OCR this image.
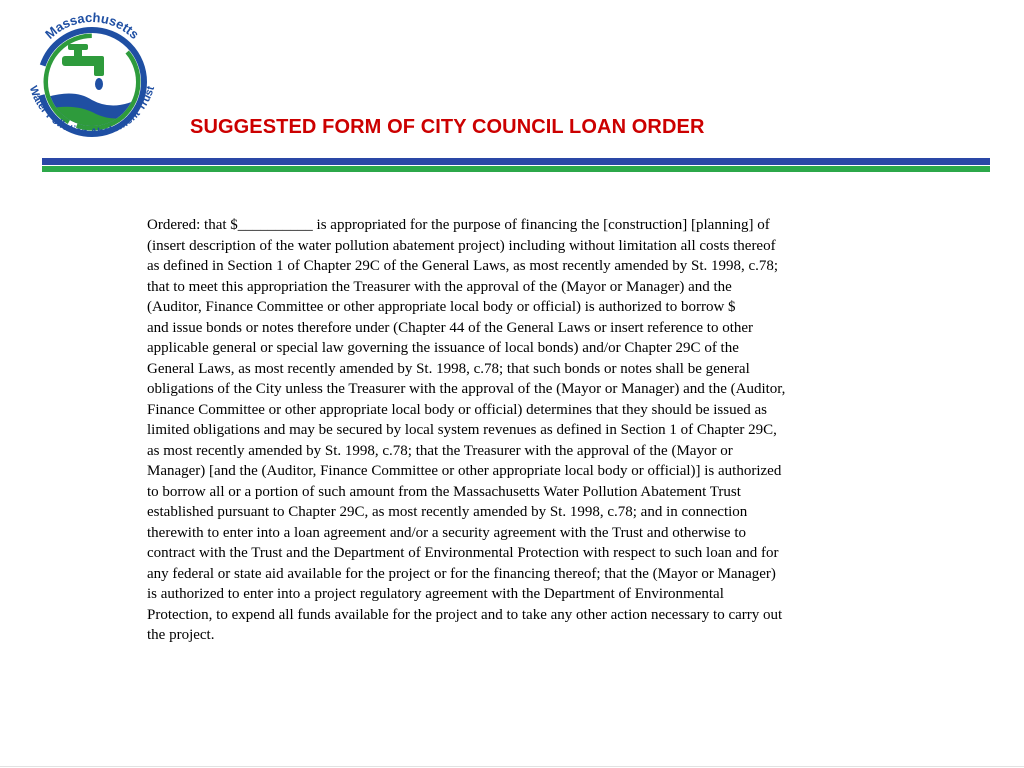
Massachusetts
Water Pollution Abatement Trust
SUGGESTED FORM OF CITY COUNCIL LOAN ORDER
Ordered: that $__________ is appropriated for the purpose of financing the [construction] [planning] of
(insert description of the water pollution abatement project) including without limitation all costs thereof
as defined in Section 1 of Chapter 29C of the General Laws, as most recently amended by St. 1998, c.78;
that to meet this appropriation the Treasurer with the approval of the (Mayor or Manager) and the
(Auditor, Finance Committee or other appropriate local body or official) is authorized to borrow $
and issue bonds or notes therefore under (Chapter 44 of the General Laws or insert reference to other
applicable general or special law governing the issuance of local bonds) and/or Chapter 29C of the
General Laws, as most recently amended by St. 1998, c.78; that such bonds or notes shall be general
obligations of the City unless the Treasurer with the approval of the (Mayor or Manager) and the (Auditor,
Finance Committee or other appropriate local body or official) determines that they should be issued as
limited obligations and may be secured by local system revenues as defined in Section 1 of Chapter 29C,
as most recently amended by St. 1998, c.78; that the Treasurer with the approval of the (Mayor or
Manager) [and the (Auditor, Finance Committee or other appropriate local body or official)] is authorized
to borrow all or a portion of such amount from the Massachusetts Water Pollution Abatement Trust
established pursuant to Chapter 29C, as most recently amended by St. 1998, c.78; and in connection
therewith to enter into a loan agreement and/or a security agreement with the Trust and otherwise to
contract with the Trust and the Department of Environmental Protection with respect to such loan and for
any federal or state aid available for the project or for the financing thereof; that the (Mayor or Manager)
is authorized to enter into a project regulatory agreement with the Department of Environmental
Protection, to expend all funds available for the project and to take any other action necessary to carry out
the project.
